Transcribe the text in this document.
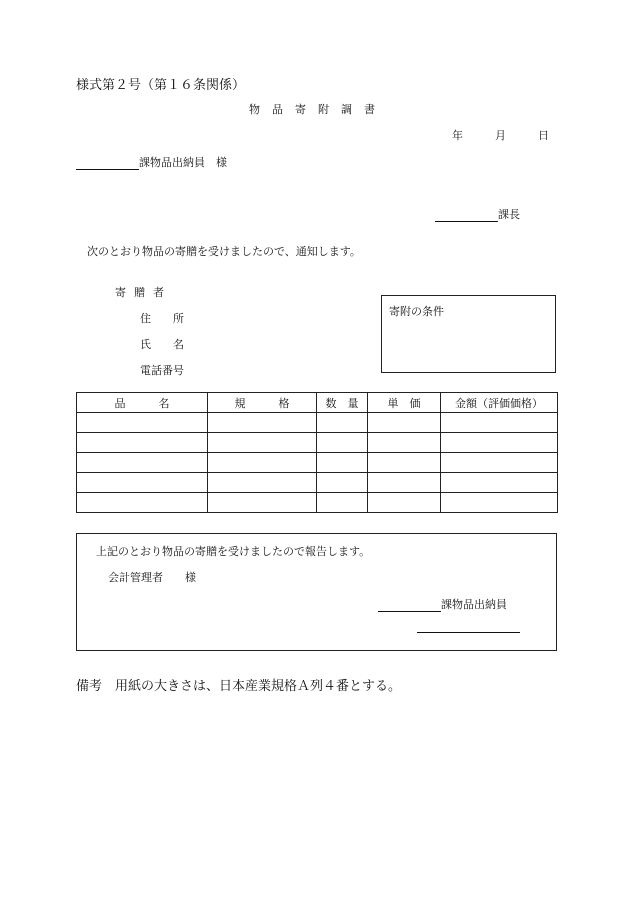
様式第２号（第１６条関係）
物品寄附調書
年	月	日
課物品出納員　様
課長
次のとおり物品の寄贈を受けましたので、通知します。
寄贈者
住　　所
氏　　名
電話番号
寄附の条件
品　　　名	規　　　格	数　量	単　価	金額（評価価格）

上記のとおり物品の寄贈を受けましたので報告します。
会計管理者　　様
課物品出納員
備考　用紙の大きさは、日本産業規格Ａ列４番とする。
